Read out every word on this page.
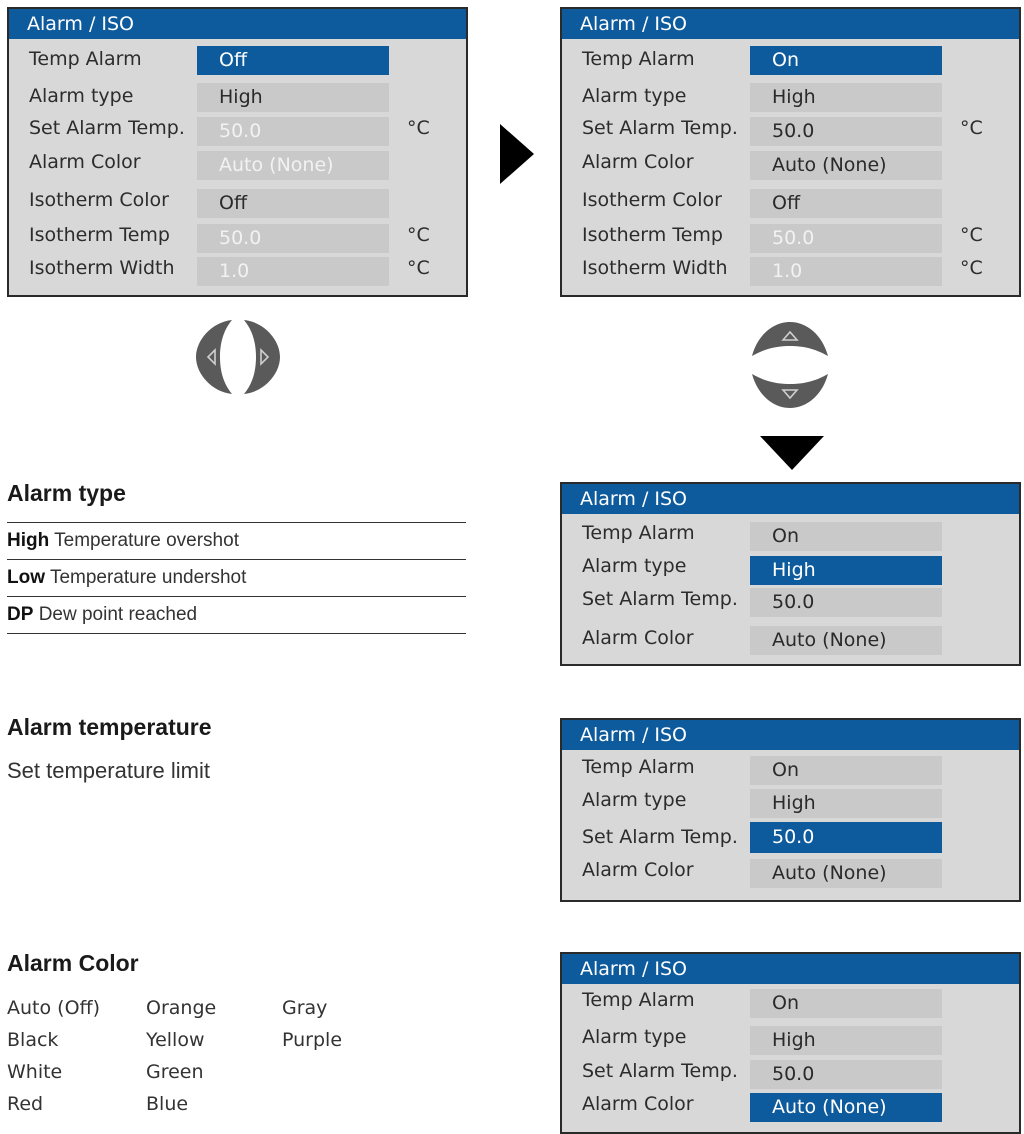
Alarm / ISO
Temp Alarm	Off
Alarm type	High
Set Alarm Temp.	50.0	°C
Alarm Color	Auto (None)
Isotherm Color	Off
Isotherm Temp	50.0	°C
Isotherm Width	1.0	°C
Alarm / ISO
Temp Alarm	On
Alarm type	High
Set Alarm Temp.	50.0	°C
Alarm Color	Auto (None)
Isotherm Color	Off
Isotherm Temp	50.0	°C
Isotherm Width	1.0	°C
Alarm type
High Temperature overshot
Low Temperature undershot
DP Dew point reached
Alarm / ISO
Temp Alarm	On
Alarm type	High
Set Alarm Temp.	50.0
Alarm Color	Auto (None)
Alarm temperature
Set temperature limit
Alarm / ISO
Temp Alarm	On
Alarm type	High
Set Alarm Temp.	50.0
Alarm Color	Auto (None)
Alarm Color
Auto (Off)
Black
White
Red
Orange
Yellow
Green
Blue
Gray
Purple
Alarm / ISO
Temp Alarm	On
Alarm type	High
Set Alarm Temp.	50.0
Alarm Color	Auto (None)
